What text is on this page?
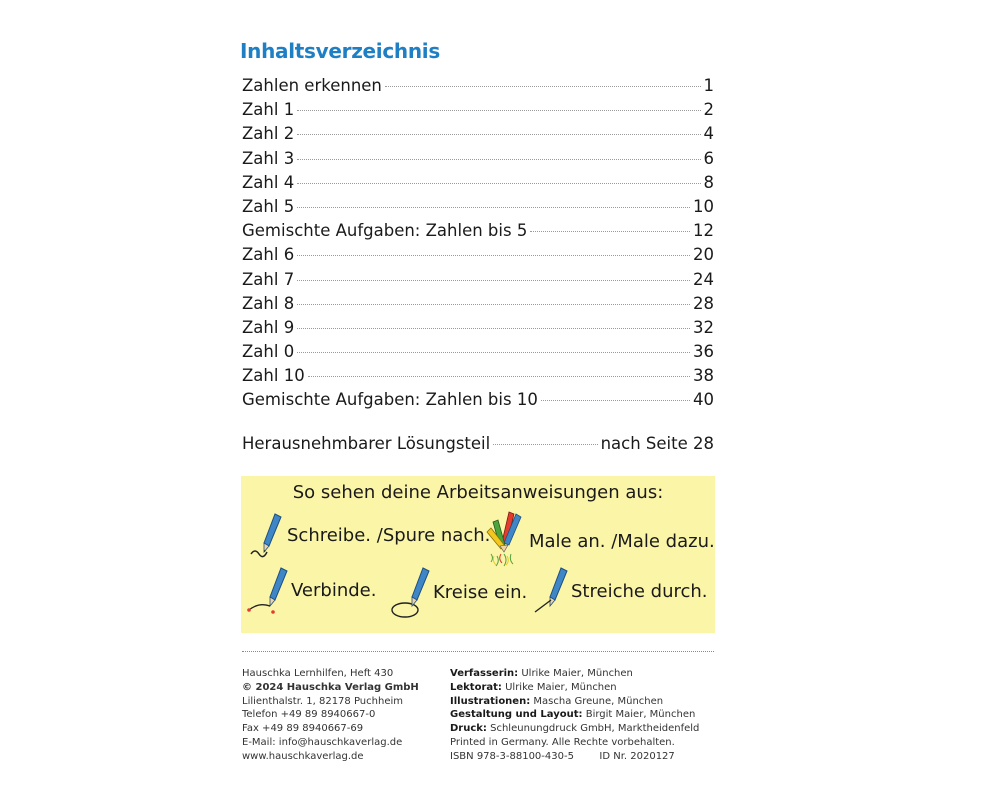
Inhaltsverzeichnis
Zahlen erkennen	1
Zahl 1	2
Zahl 2	4
Zahl 3	6
Zahl 4	8
Zahl 5	10
Gemischte Aufgaben: Zahlen bis 5	12
Zahl 6	20
Zahl 7	24
Zahl 8	28
Zahl 9	32
Zahl 0	36
Zahl 10	38
Gemischte Aufgaben: Zahlen bis 10	40
Herausnehmbarer Lösungsteil	nach Seite 28
So sehen deine Arbeitsanweisungen aus:
Schreibe. /Spure nach. Male an. /Male dazu.
Verbinde.	Kreise ein. Streiche durch.
Hauschka Lernhilfen, Heft 430
© 2024 Hauschka Verlag GmbH
Lilienthalstr. 1, 82178 Puchheim
Telefon +49 89 8940667-0
Fax +49 89 8940667-69
E-Mail: info@hauschkaverlag.de
www.hauschkaverlag.de
Verfasserin: Ulrike Maier, München
Lektorat: Ulrike Maier, München
Illustrationen: Mascha Greune, München
Gestaltung und Layout: Birgit Maier, München
Druck: Schleunungdruck GmbH, Marktheidenfeld
Printed in Germany. Alle Rechte vorbehalten.
ISBN 978-3-88100-430-5        ID Nr. 2020127
